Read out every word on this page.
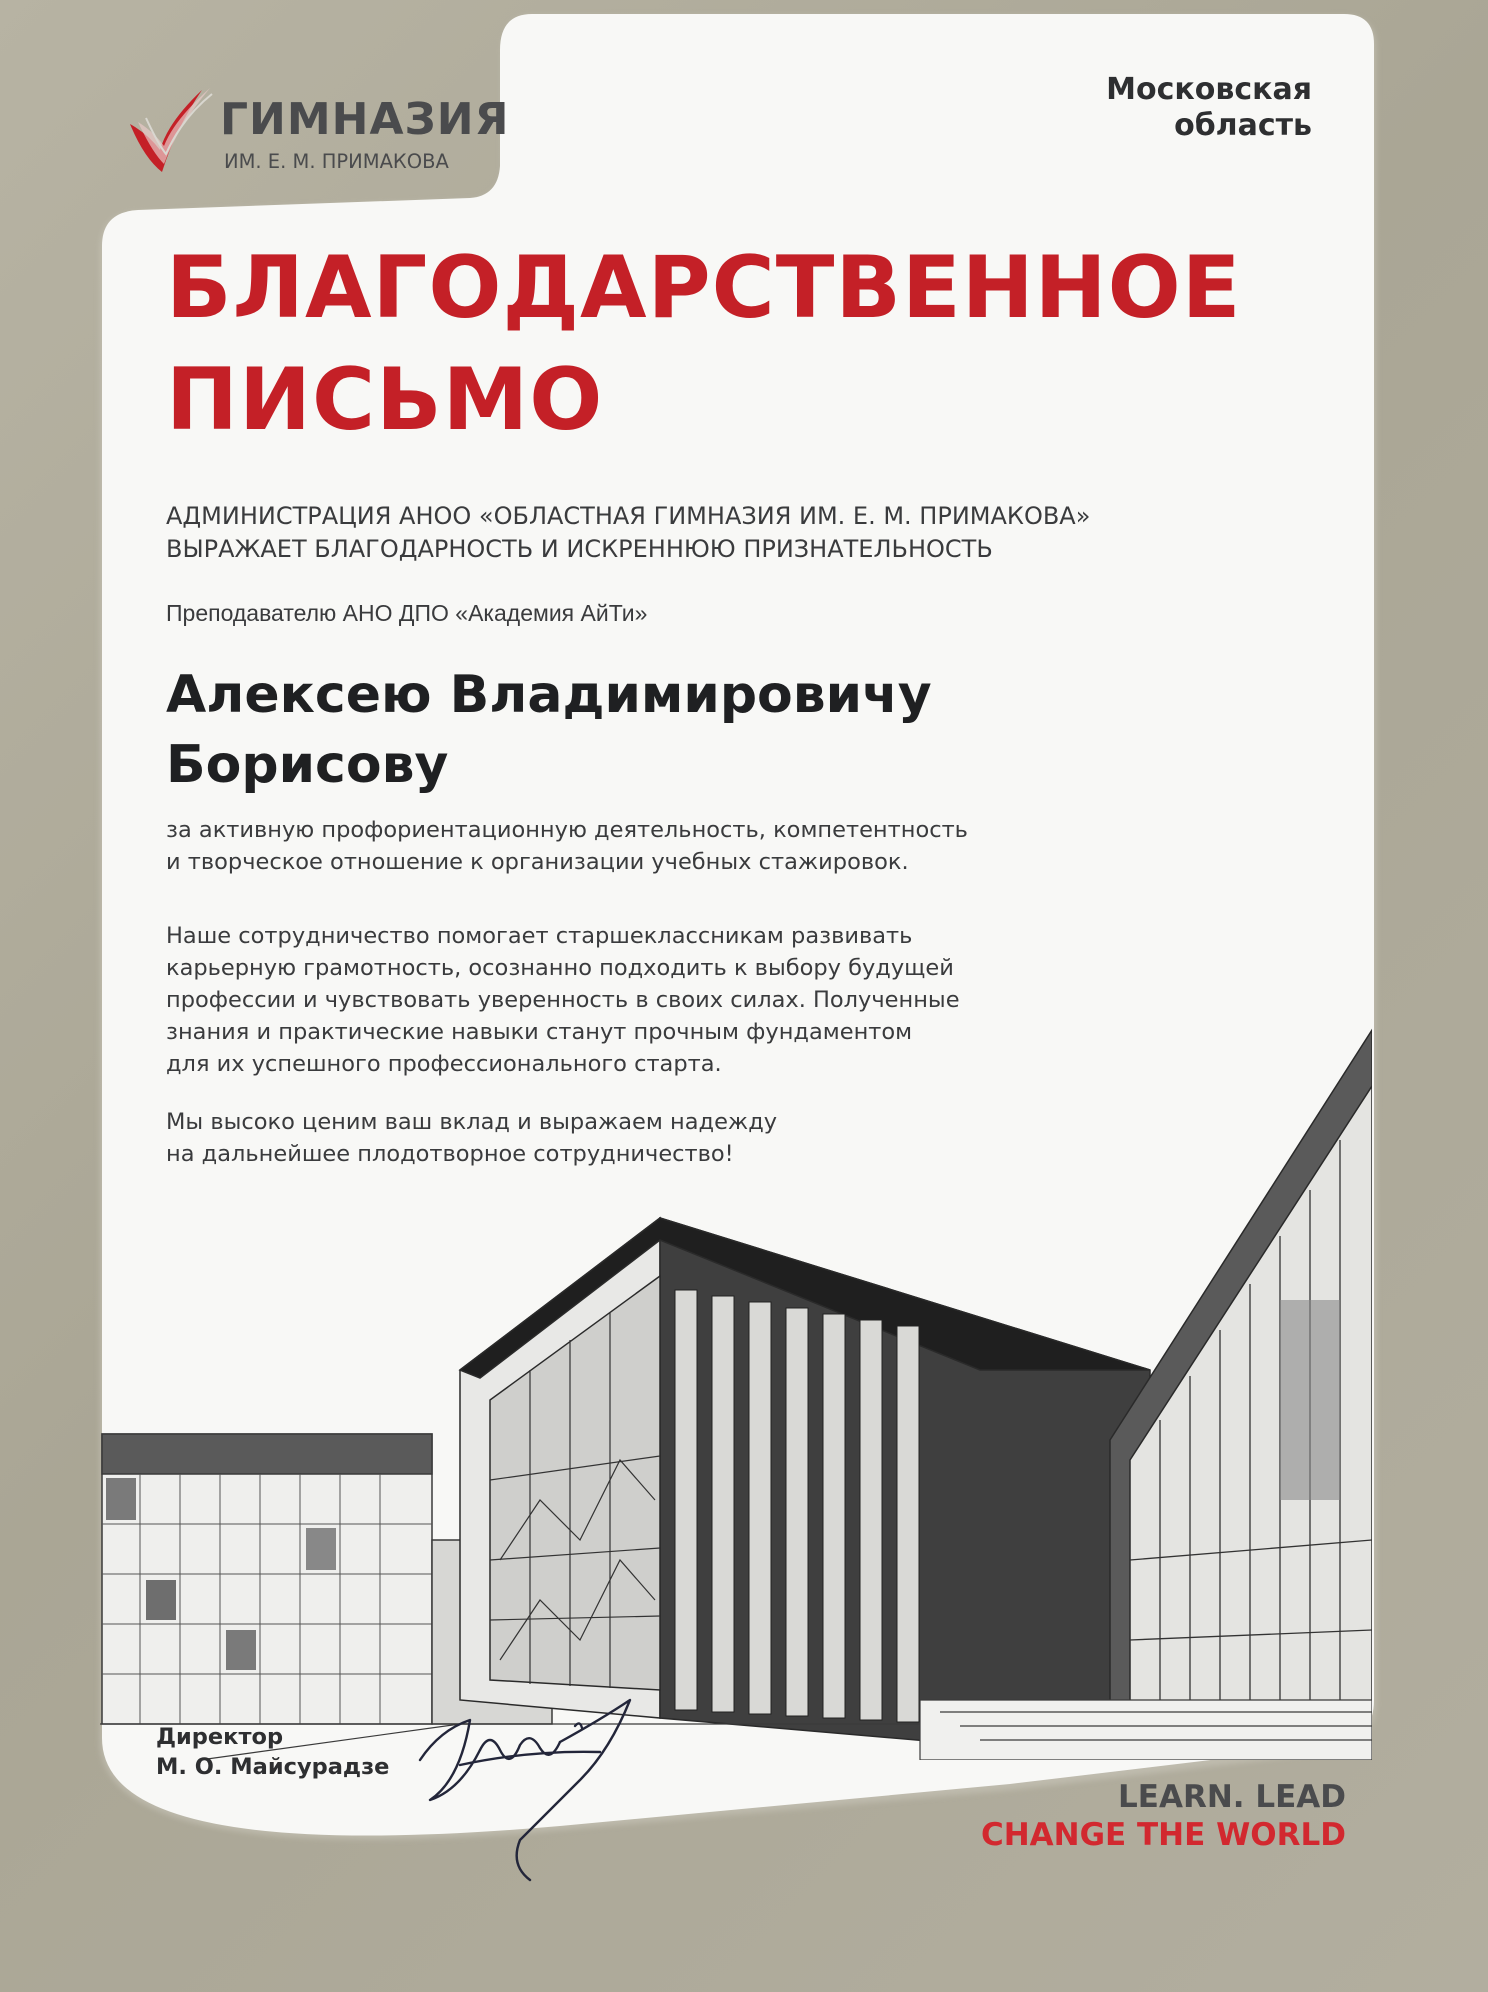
ГИМНАЗИЯ
ИМ. Е. М. ПРИМАКОВА
Московская
область
БЛАГОДАРСТВЕННОЕ
ПИСЬМО
АДМИНИСТРАЦИЯ АНОО «ОБЛАСТНАЯ ГИМНАЗИЯ ИМ. Е. М. ПРИМАКОВА»
ВЫРАЖАЕТ БЛАГОДАРНОСТЬ И ИСКРЕННЮЮ ПРИЗНАТЕЛЬНОСТЬ
Преподавателю АНО ДПО «Академия АйТи»
Алексею Владимировичу
Борисову
за активную профориентационную деятельность, компетентность
и творческое отношение к организации учебных стажировок.
Наше сотрудничество помогает старшеклассникам развивать
карьерную грамотность, осознанно подходить к выбору будущей
профессии и чувствовать уверенность в своих силах. Полученные
знания и практические навыки станут прочным фундаментом
для их успешного профессионального старта.
Мы высоко ценим ваш вклад и выражаем надежду
на дальнейшее плодотворное сотрудничество!
Директор
М. О. Майсурадзе
LEARN. LEAD
CHANGE THE WORLD
